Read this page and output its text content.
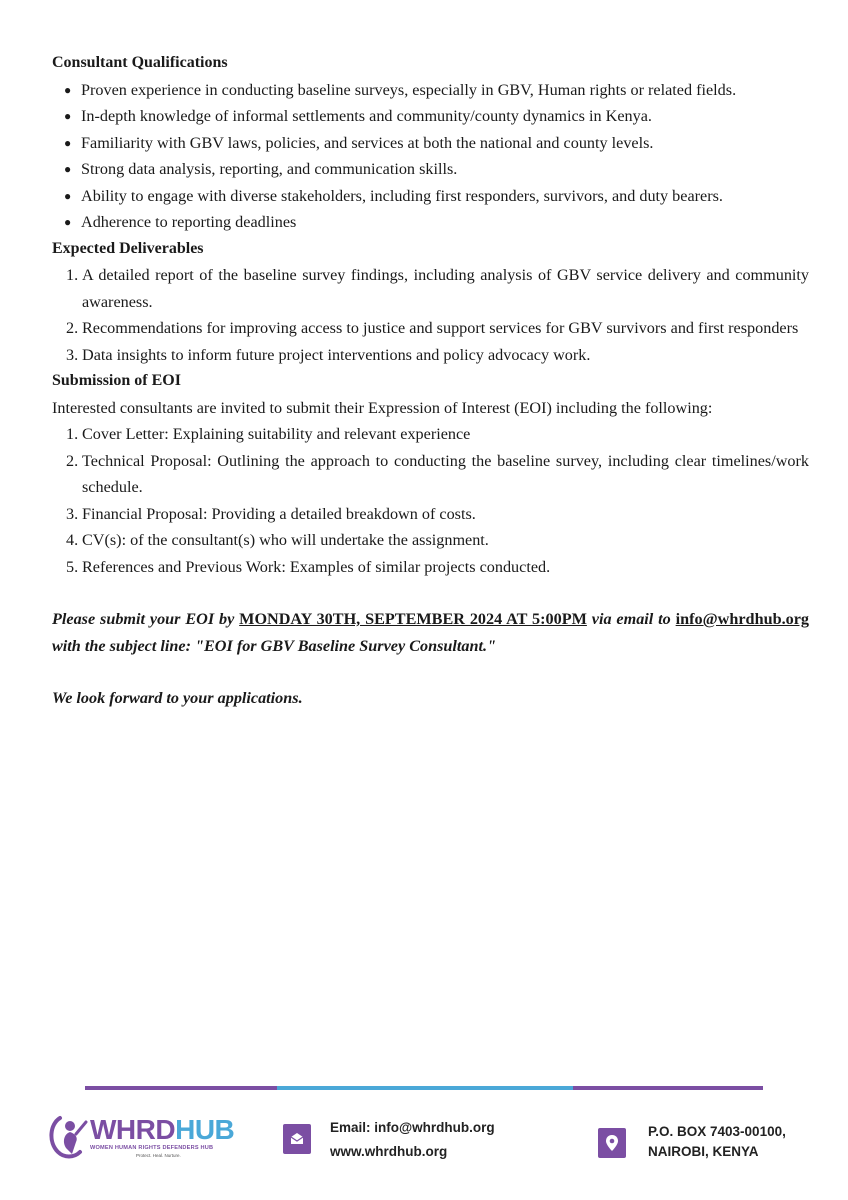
Consultant Qualifications
● Proven experience in conducting baseline surveys, especially in GBV, Human rights or related fields.
● In-depth knowledge of informal settlements and community/county dynamics in Kenya.
● Familiarity with GBV laws, policies, and services at both the national and county levels.
● Strong data analysis, reporting, and communication skills.
● Ability to engage with diverse stakeholders, including first responders, survivors, and duty bearers.
● Adherence to reporting deadlines
Expected Deliverables
1. A detailed report of the baseline survey findings, including analysis of GBV service delivery and community awareness.
2. Recommendations for improving access to justice and support services for GBV survivors and first responders
3. Data insights to inform future project interventions and policy advocacy work.
Submission of EOI
Interested consultants are invited to submit their Expression of Interest (EOI) including the following:
1. Cover Letter: Explaining suitability and relevant experience
2. Technical Proposal: Outlining the approach to conducting the baseline survey, including clear timelines/work schedule.
3. Financial Proposal: Providing a detailed breakdown of costs.
4. CV(s): of the consultant(s) who will undertake the assignment.
5. References and Previous Work: Examples of similar projects conducted.
Please submit your EOI by MONDAY 30TH, SEPTEMBER 2024 AT 5:00PM via email to info@whrdhub.org with the subject line: "EOI for GBV Baseline Survey Consultant."
We look forward to your applications.
WHRDHUB
WOMEN HUMAN RIGHTS DEFENDERS HUB
Protect. Heal. Nurture.
Email: info@whrdhub.org
www.whrdhub.org
P.O. BOX 7403-00100,
NAIROBI, KENYA
